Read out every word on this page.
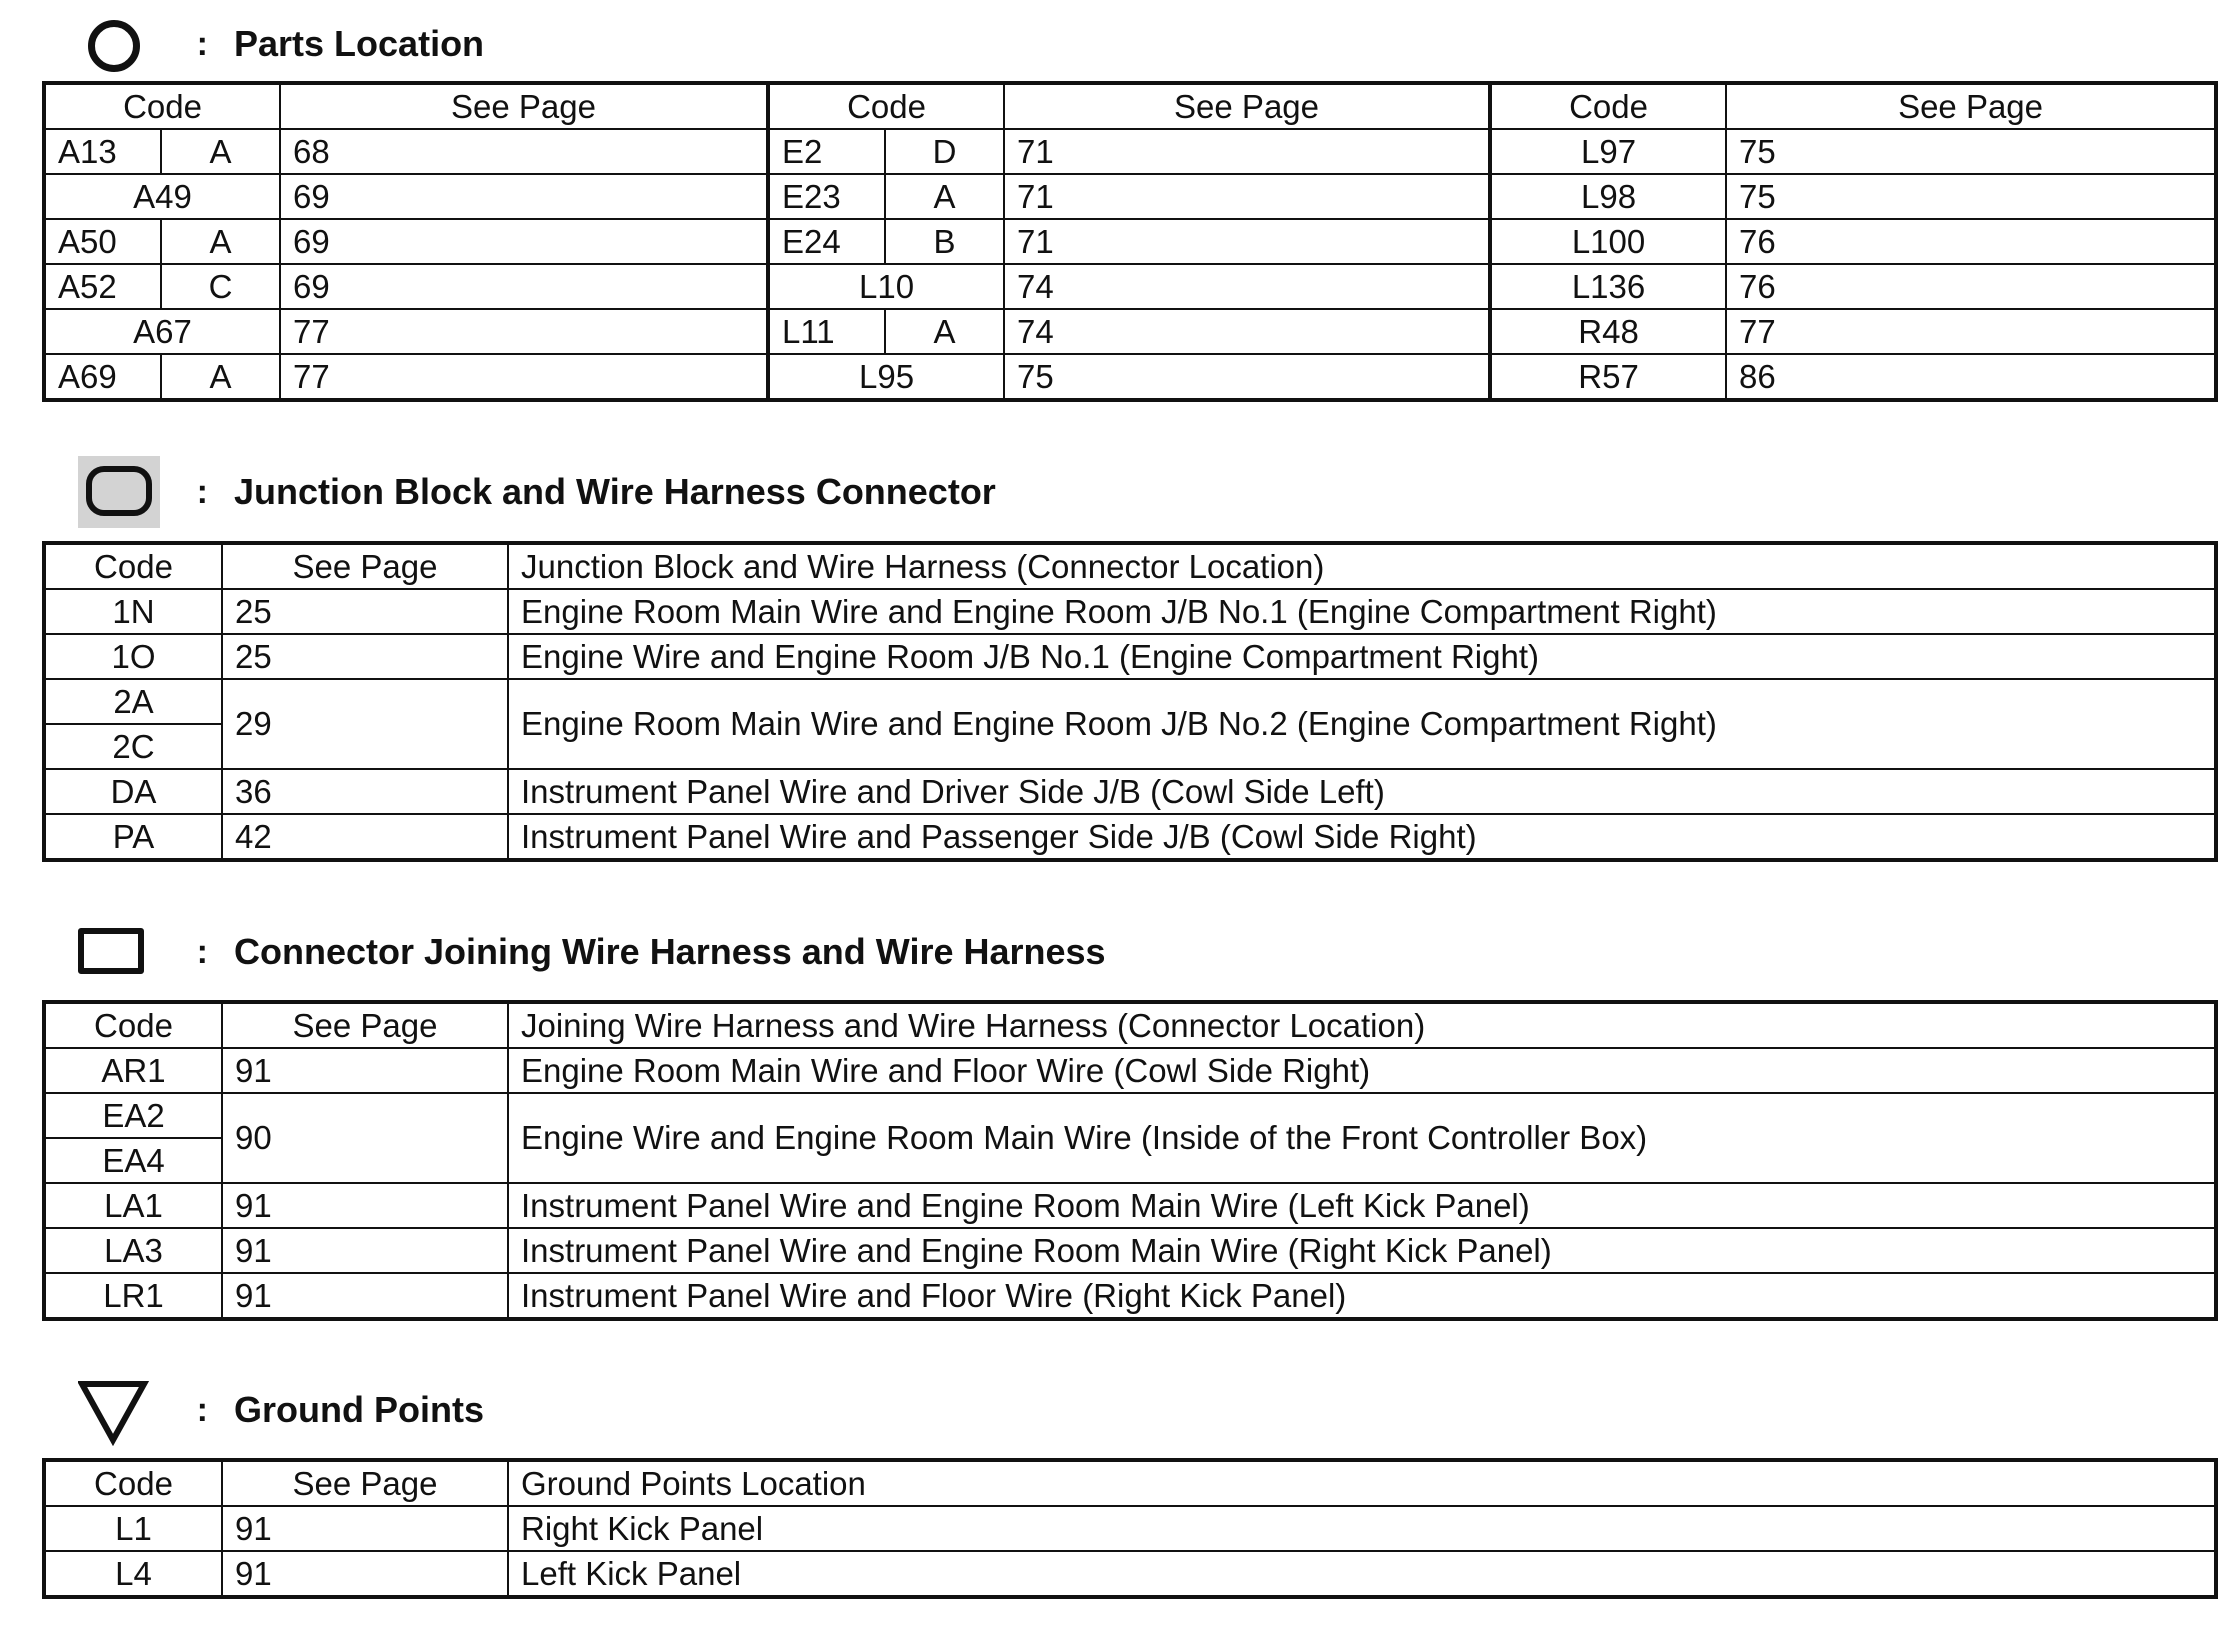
: Parts Location
Code		See Page	Code		See Page	Code	See Page
A13	A	68	E2	D	71	L97	75
A49		69	E23	A	71	L98	75
A50	A	69	E24	B	71	L100	76
A52	C	69	L10		74	L136	76
A67		77	L11	A	74	R48	77
A69	A	77	L95		75	R57	86
: Junction Block and Wire Harness Connector
Code	See Page	Junction Block and Wire Harness (Connector Location)
1N	25	Engine Room Main Wire and Engine Room J/B No.1 (Engine Compartment Right)
1O	25	Engine Wire and Engine Room J/B No.1 (Engine Compartment Right)
2A	29	Engine Room Main Wire and Engine Room J/B No.2 (Engine Compartment Right)
2C		
DA	36	Instrument Panel Wire and Driver Side J/B (Cowl Side Left)
PA	42	Instrument Panel Wire and Passenger Side J/B (Cowl Side Right)
: Connector Joining Wire Harness and Wire Harness
Code	See Page	Joining Wire Harness and Wire Harness (Connector Location)
AR1	91	Engine Room Main Wire and Floor Wire (Cowl Side Right)
EA2	90	Engine Wire and Engine Room Main Wire (Inside of the Front Controller Box)
EA4		
LA1	91	Instrument Panel Wire and Engine Room Main Wire (Left Kick Panel)
LA3	91	Instrument Panel Wire and Engine Room Main Wire (Right Kick Panel)
LR1	91	Instrument Panel Wire and Floor Wire (Right Kick Panel)
: Ground Points
Code	See Page	Ground Points Location
L1	91	Right Kick Panel
L4	91	Left Kick Panel
